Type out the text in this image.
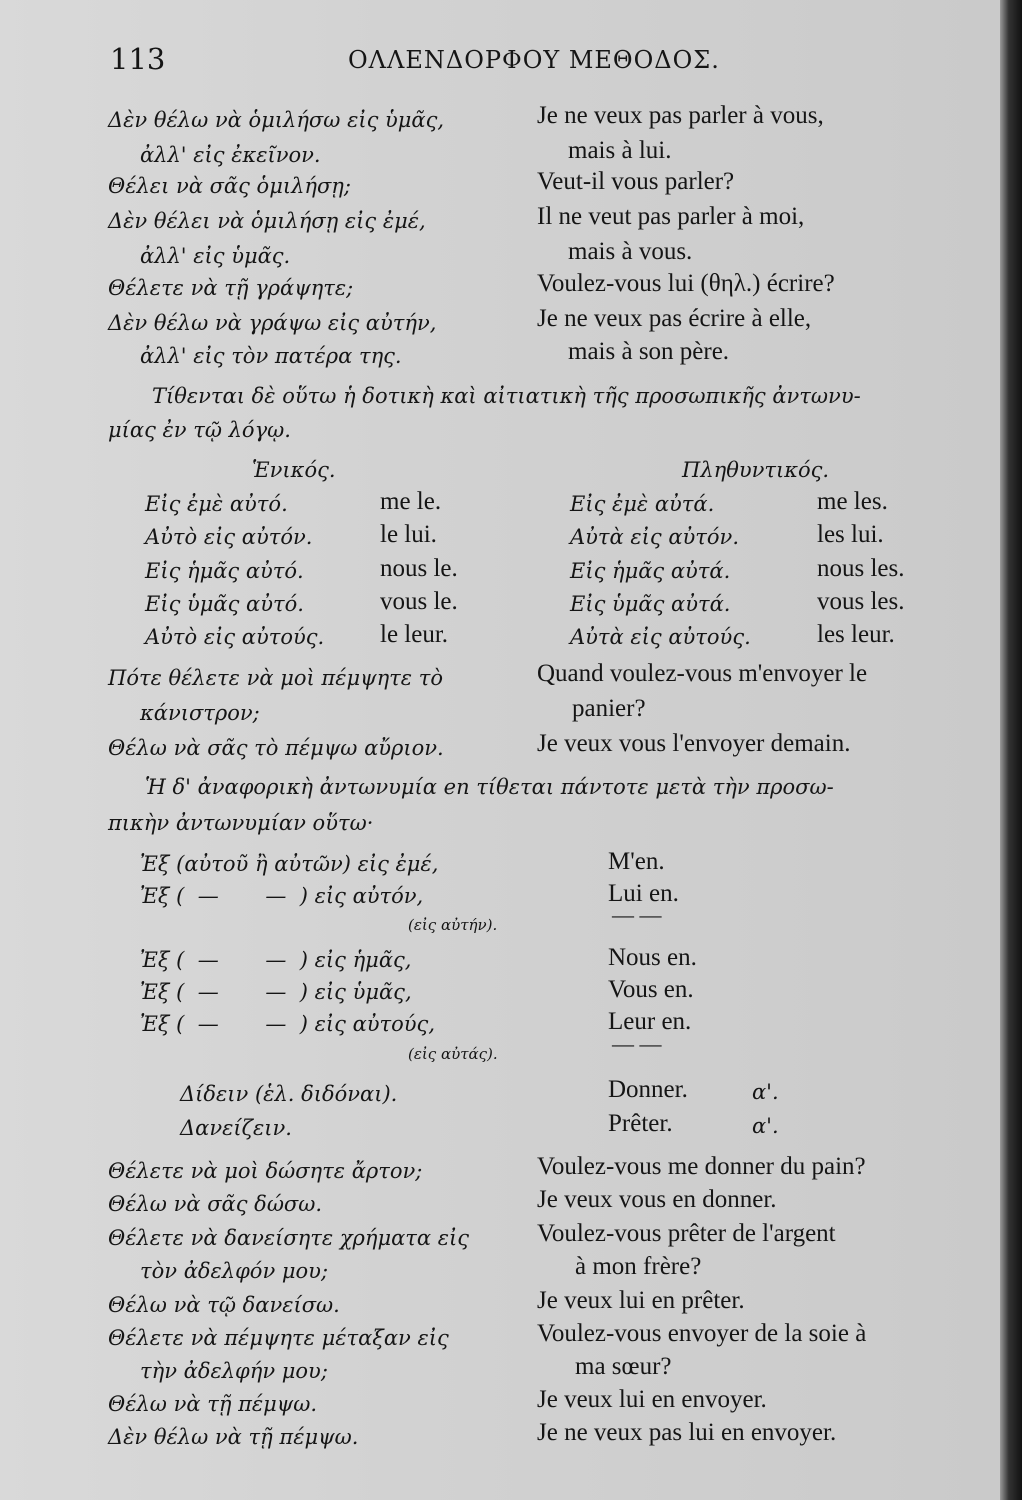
113	ΟΛΛΕΝΔΟΡΦΟΥ ΜΕΘΟΔΟΣ.
Δὲν θέλω νὰ ὁμιλήσω εἰς ὑμᾶς,	Je ne veux pas parler à vous,
ἀλλ' εἰς ἐκεῖνον.	mais à lui.
Θέλει νὰ σᾶς ὁμιλήσῃ;	Veut-il vous parler?
Δὲν θέλει νὰ ὁμιλήσῃ εἰς ἐμέ,	Il ne veut pas parler à moi,
ἀλλ' εἰς ὑμᾶς.	mais à vous.
Θέλετε νὰ τῇ γράψητε;	Voulez-vous lui (θηλ.) écrire?
Δὲν θέλω νὰ γράψω εἰς αὐτήν,	Je ne veux pas écrire à elle,
ἀλλ' εἰς τὸν πατέρα της.	mais à son père.
Τίθενται δὲ οὕτω ἡ δοτικὴ καὶ αἰτιατικὴ τῆς προσωπικῆς ἀντωνυ-
μίας ἐν τῷ λόγῳ.
Ἑνικός.	Πληθυντικός.
Εἰς ἐμὲ αὐτό.	me le.	Εἰς ἐμὲ αὐτά.	me les.
Αὐτὸ εἰς αὐτόν.	le lui.	Αὐτὰ εἰς αὐτόν.	les lui.
Εἰς ἡμᾶς αὐτό.	nous le.	Εἰς ἡμᾶς αὐτά.	nous les.
Εἰς ὑμᾶς αὐτό.	vous le.	Εἰς ὑμᾶς αὐτά.	vous les.
Αὐτὸ εἰς αὐτούς. le leur.	Αὐτὰ εἰς αὐτούς.	les leur.
Πότε θέλετε νὰ μοὶ πέμψητε τὸ	Quand voulez-vous m'envoyer le
κάνιστρον;	panier?
Θέλω νὰ σᾶς τὸ πέμψω αὔριον.	Je veux vous l'envoyer demain.
Ἡ δ' ἀναφορικὴ ἀντωνυμία en τίθεται πάντοτε μετὰ τὴν προσω-
πικὴν ἀντωνυμίαν οὕτω·
Ἐξ (αὐτοῦ ἢ αὐτῶν) εἰς ἐμέ,	M'en.
Ἐξ (  —       —  ) εἰς αὐτόν,	Lui en.
(εἰς αὐτήν).	— —
Ἐξ (  —       —  ) εἰς ἡμᾶς,	Nous en.
Ἐξ (  —       —  ) εἰς ὑμᾶς,	Vous en.
Ἐξ (  —       —  ) εἰς αὐτούς,	Leur en.
(εἰς αὐτάς).	— —
Δίδειν (ἑλ. διδόναι).	Donner.	α'.
Δανείζειν.	Prêter.	α'.
Θέλετε νὰ μοὶ δώσητε ἄρτον;	Voulez-vous me donner du pain?
Θέλω νὰ σᾶς δώσω.	Je veux vous en donner.
Θέλετε νὰ δανείσητε χρήματα εἰς	Voulez-vous prêter de l'argent
τὸν ἀδελφόν μου;	à mon frère?
Θέλω νὰ τῷ δανείσω.	Je veux lui en prêter.
Θέλετε νὰ πέμψητε μέταξαν εἰς	Voulez-vous envoyer de la soie à
τὴν ἀδελφήν μου;	ma sœur?
Θέλω νὰ τῇ πέμψω.	Je veux lui en envoyer.
Δὲν θέλω νὰ τῇ πέμψω.	Je ne veux pas lui en envoyer.
